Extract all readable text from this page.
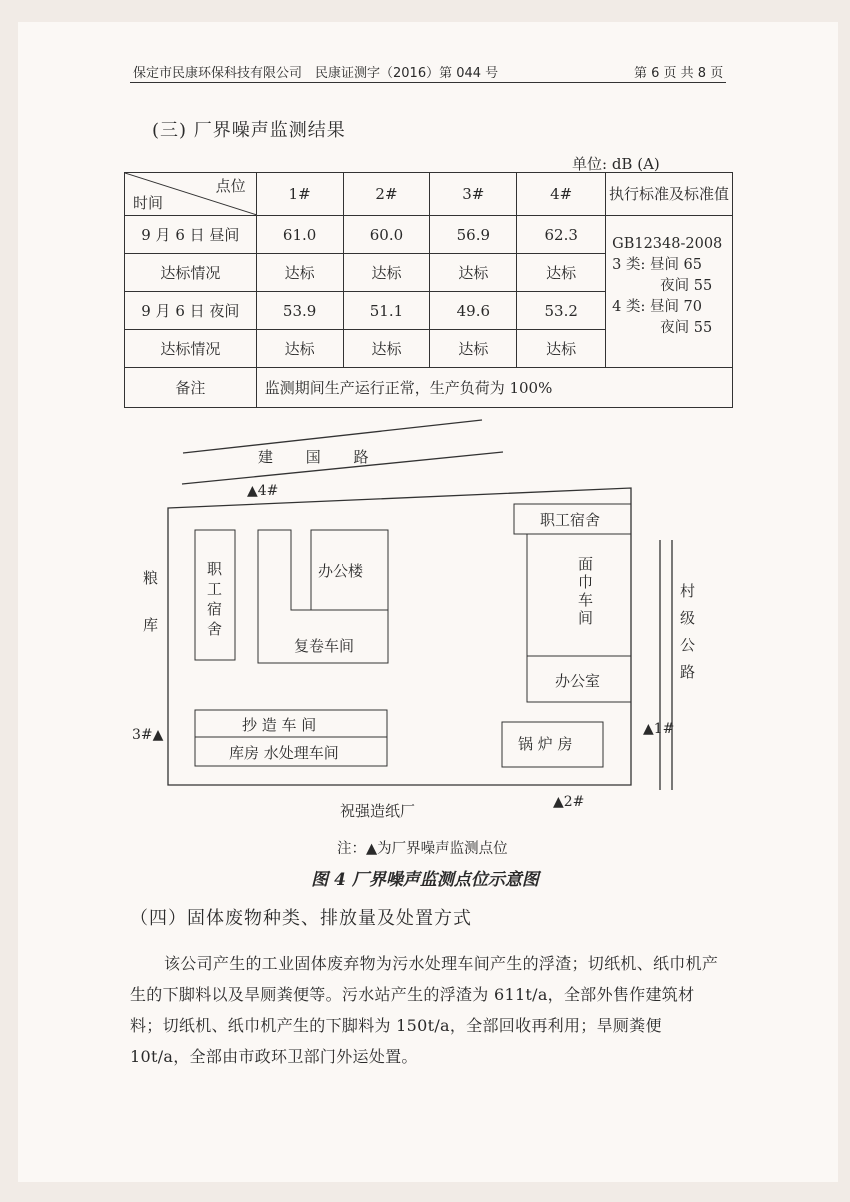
保定市民康环保科技有限公司 民康证测字（2016）第 044 号	第 6 页 共 8 页
(三) 厂界噪声监测结果
单位: dB (A)
点位
时间	1#	2#	3#	4#	执行标准及标准值
9 月 6 日 昼间	61.0	60.0	56.9	62.3	GB12348-2008
3 类: 昼间 65
夜间 55
4 类: 昼间 70
夜间 55

达标情况	达标	达标	达标	达标	
9 月 6 日 夜间	53.9	51.1	49.6	53.2	
达标情况	达标	达标	达标	达标	
备注	监测期间生产运行正常，生产负荷为 100%				
建 国 路
办公楼
复卷车间
职工宿舍
办公室
抄 造 车 间
库房 水处理车间	锅 炉 房
祝强造纸厂
▲4#
3#▲	▲1#
▲2#
注：▲为厂界噪声监测点位
职工宿舍
面巾车间
村级公路
粮库
图 4 厂界噪声监测点位示意图
（四）固体废物种类、排放量及处置方式
该公司产生的工业固体废弃物为污水处理车间产生的浮渣；切纸机、纸巾机产生的下脚料以及旱厕粪便等。污水站产生的浮渣为 611t/a，全部外售作建筑材料；切纸机、纸巾机产生的下脚料为 150t/a，全部回收再利用；旱厕粪便 10t/a，全部由市政环卫部门外运处置。
